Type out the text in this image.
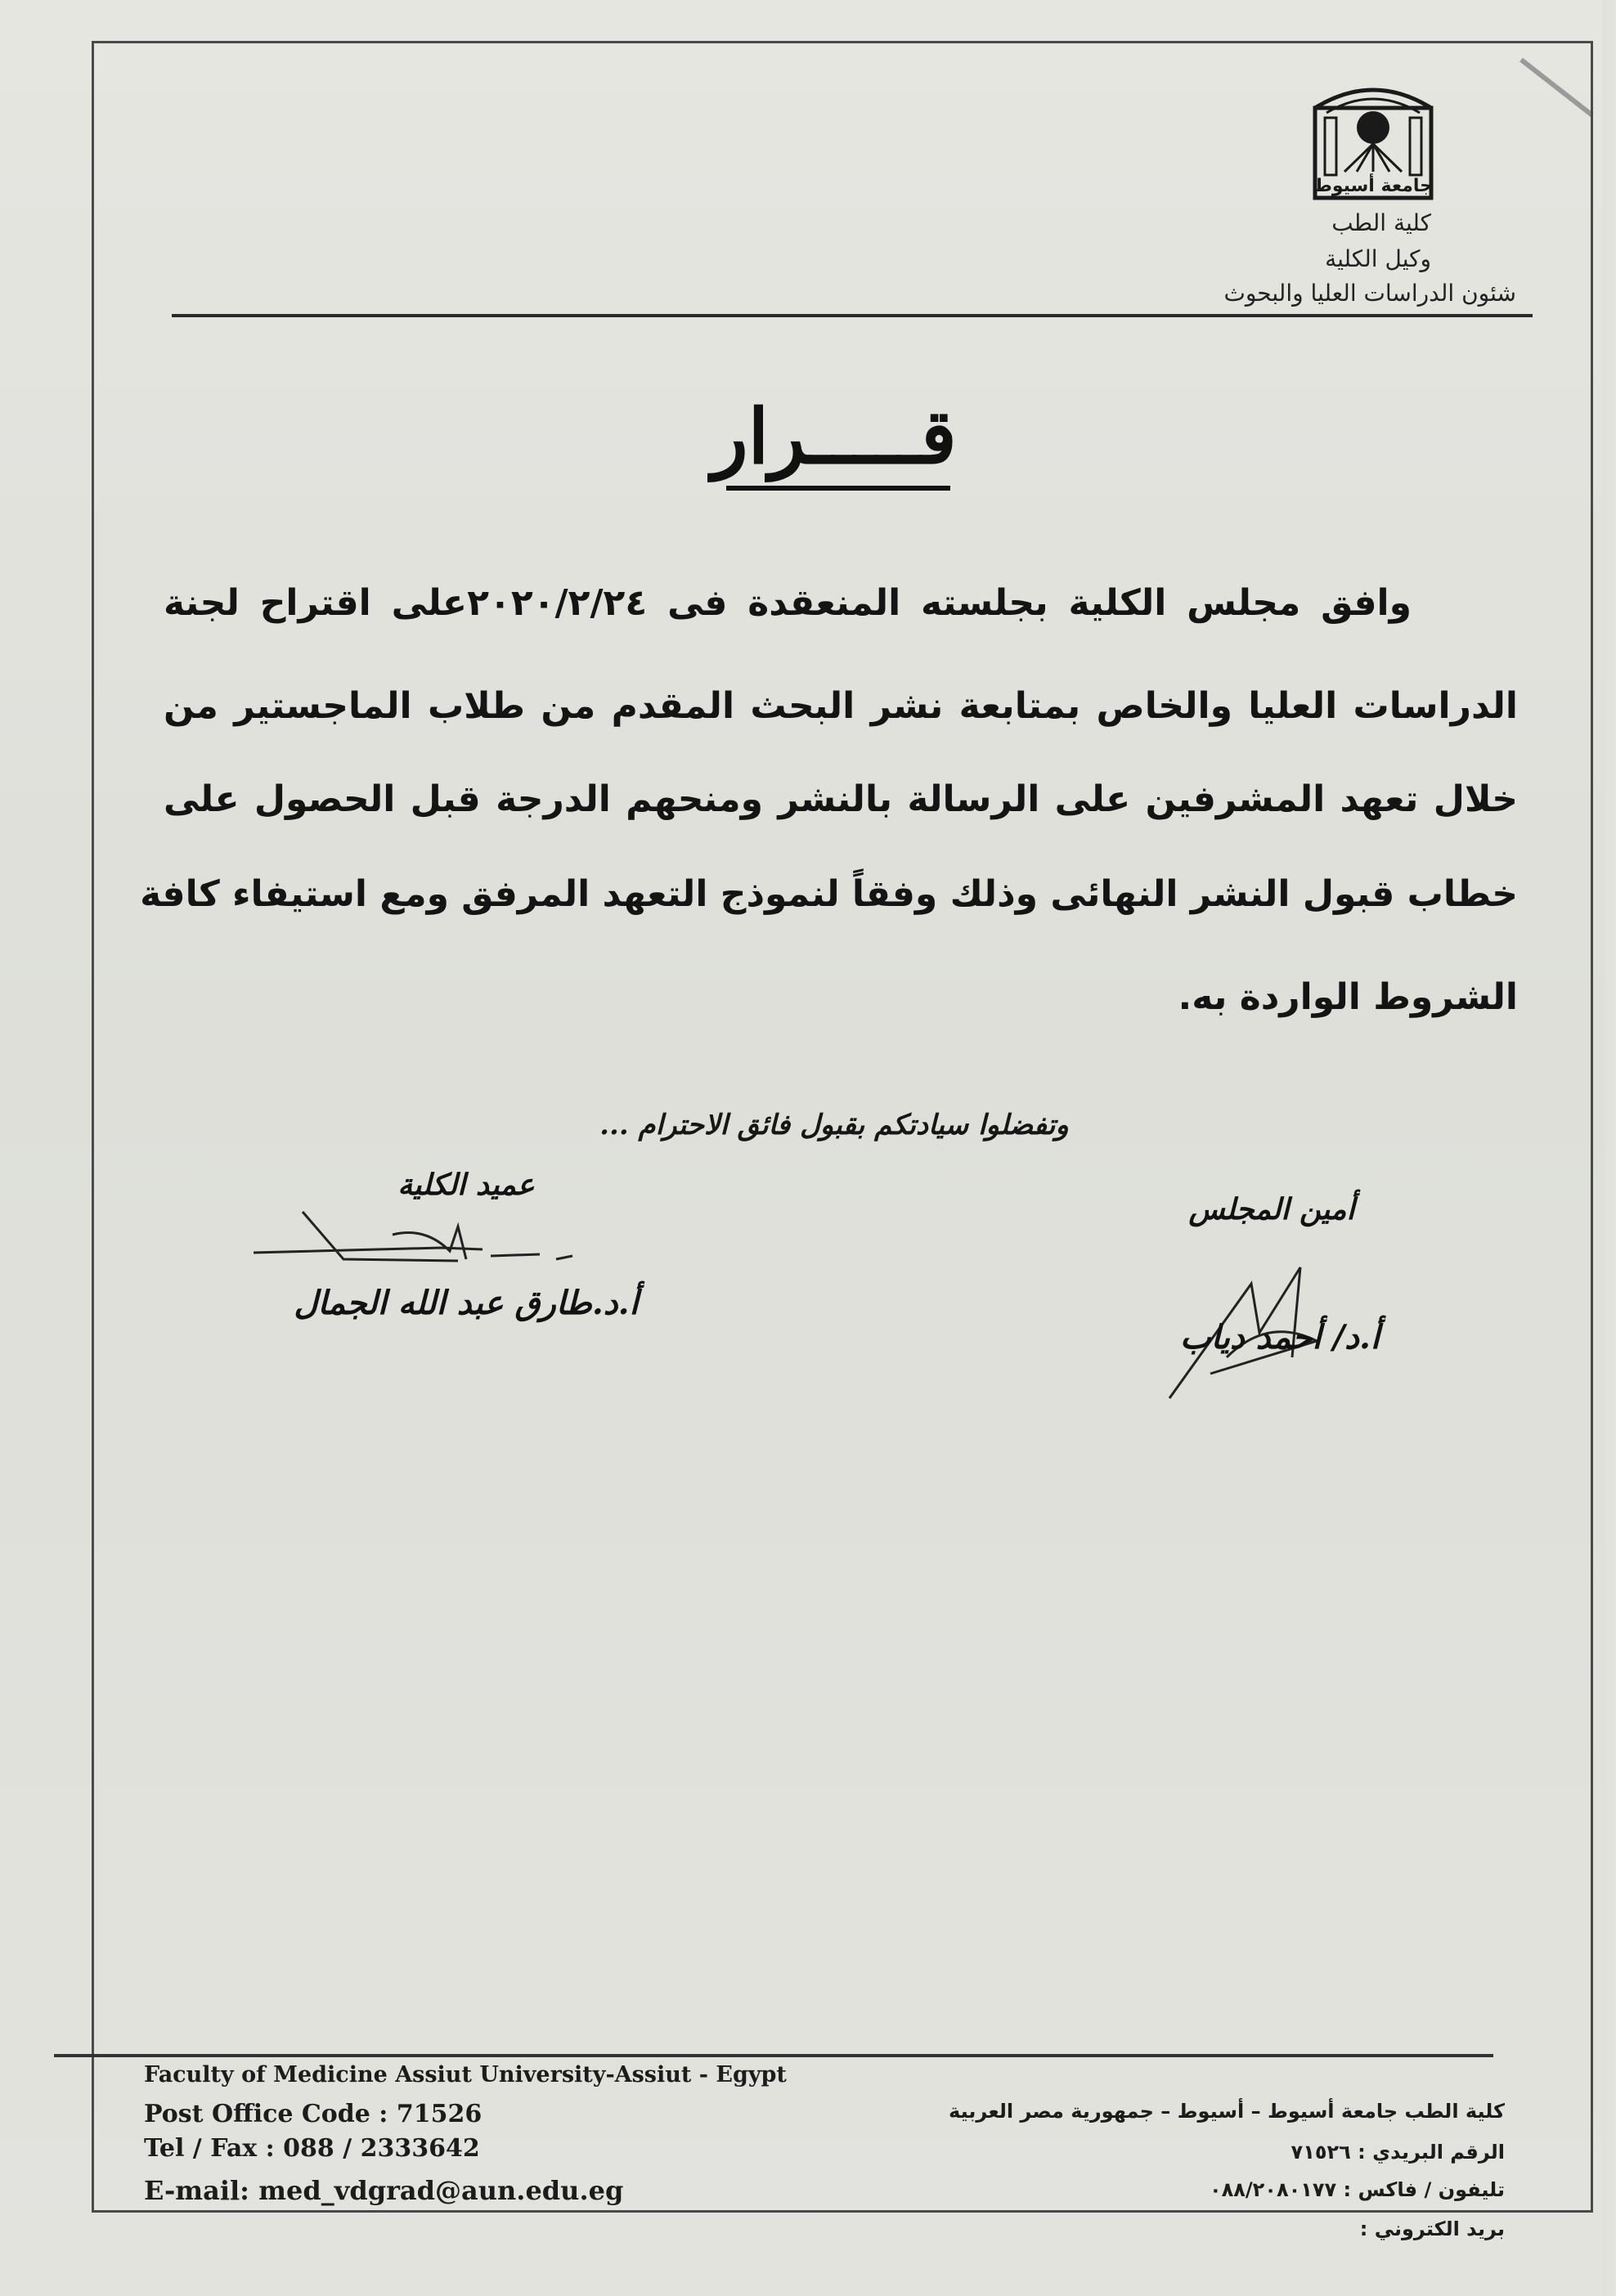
جامعة أسيوط
كلية الطب
وكيل الكلية
شئون الدراسات العليا والبحوث
قـــــرار
وافق مجلس الكلية بجلسته المنعقدة فى ٢٠٢٠/٢/٢٤على اقتراح لجنة
الدراسات العليا والخاص بمتابعة نشر البحث المقدم من طلاب الماجستير من
خلال تعهد المشرفين على الرسالة بالنشر ومنحهم الدرجة قبل الحصول على
خطاب قبول النشر النهائى وذلك وفقاً لنموذج التعهد المرفق ومع استيفاء كافة
الشروط الواردة به.
وتفضلوا سيادتكم بقبول فائق الاحترام ...
عميد الكلية
أ.د.طارق عبد الله الجمال
أمين المجلس
أ.د/ أحمد دياب
Faculty of Medicine Assiut University-Assiut - Egypt
Post Office Code : 71526
Tel / Fax : 088 / 2333642
E-mail: med_vdgrad@aun.edu.eg
كلية الطب جامعة أسيوط – أسيوط – جمهورية مصر العربية
الرقم البريدي : ٧١٥٢٦
تليفون / فاكس : ٠٨٨/٢٠٨٠١٧٧
بريد الكتروني :
